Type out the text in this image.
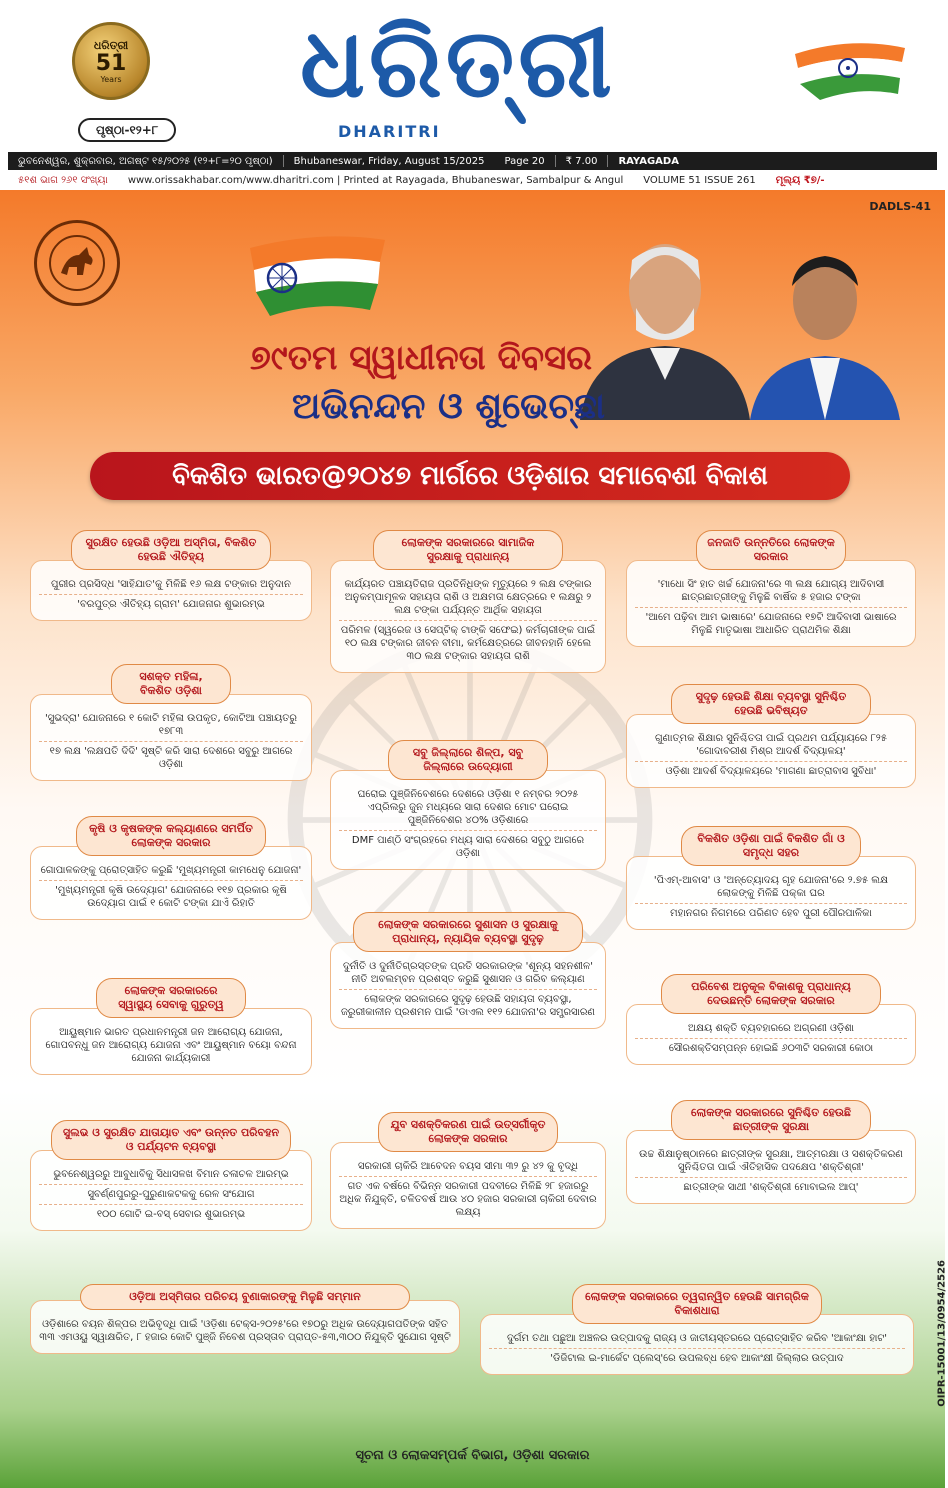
ଧରିତ୍ରୀ
51
Years
ପୃଷ୍ଠା-୧୨+୮
ଧରିତ୍ରୀ
DHARITRI
ଭୁବନେଶ୍ୱର, ଶୁକ୍ରବାର, ଅଗଷ୍ଟ ୧୫/୨୦୨୫ (୧୨+୮=୨୦ ପୃଷ୍ଠା)	Bhubaneswar, Friday, August 15/2025	Page 20	₹ 7.00	RAYAGADA
୫୧ଶ ଭାଗ ୨୬୧ ସଂଖ୍ୟା	www.orissakhabar.com/www.dharitri.com | Printed at Rayagada, Bhubaneswar, Sambalpur & Angul	VOLUME 51 ISSUE 261	ମୂଲ୍ୟ ₹୭/-
DADLS-41
୭୯ତମ ସ୍ୱାଧୀନତା ଦିବସର
ଅଭିନନ୍ଦନ ଓ ଶୁଭେଚ୍ଛା
ବିକଶିତ ଭାରତ@୨୦୪୭ ମାର୍ଗରେ ଓଡ଼ିଶାର ସମାବେଶୀ ବିକାଶ
ସୁରକ୍ଷିତ ହେଉଛି ଓଡ଼ିଆ ଅସ୍ମିତା, ବିକଶିତ ହେଉଛି ଐତିହ୍ୟ
ପୁରୀର ପ୍ରସିଦ୍ଧ 'ସାହିଯାତ'କୁ ମିଳିଛି ୧୬ ଲକ୍ଷ ଟଙ୍କାର ଅନୁଦାନ
'ବରପୁତ୍ର ଐତିହ୍ୟ ଗ୍ରାମ' ଯୋଜନାର ଶୁଭାରମ୍ଭ
ସଶକ୍ତ ମହିଳା, ବିକଶିତ ଓଡ଼ିଶା
'ସୁଭଦ୍ରା' ଯୋଜନାରେ ୧ କୋଟି ମହିଳା ଉପକୃତ, କୋଟିଆ ପଞ୍ଚାୟତରୁ ୧୭୮୩
୧୭ ଲକ୍ଷ 'ଲକ୍ଷପତି ଦିଦି' ସୃଷ୍ଟି କରି ସାରା ଦେଶରେ ସବୁରୁ ଆଗରେ ଓଡ଼ିଶା
କୃଷି ଓ କୃଷକଙ୍କ କଲ୍ୟାଣରେ ସମର୍ପିତ ଲୋକଙ୍କ ସରକାର
ଗୋପାଳକଙ୍କୁ ପ୍ରୋତ୍ସାହିତ କରୁଛି 'ମୁଖ୍ୟମନ୍ତ୍ରୀ କାମଧେନୁ ଯୋଜନା'
'ମୁଖ୍ୟମନ୍ତ୍ରୀ କୃଷି ଉଦ୍ୟୋଗ' ଯୋଜନାରେ ୧୧୭ ପ୍ରକାର କୃଷି ଉଦ୍ୟୋଗ ପାଇଁ ୧ କୋଟି ଟଙ୍କା ଯାଏଁ ରିହାତି
ଲୋକଙ୍କ ସରକାରରେ ସ୍ୱାସ୍ଥ୍ୟ ସେବାକୁ ଗୁରୁତ୍ୱ
ଆୟୁଷ୍ମାନ ଭାରତ ପ୍ରଧାନମନ୍ତ୍ରୀ ଜନ ଆରୋଗ୍ୟ ଯୋଜନା, ଗୋପବନ୍ଧୁ ଜନ ଆରୋଗ୍ୟ ଯୋଜନା ଏବଂ ଆୟୁଷ୍ମାନ ବୟୋ ବନ୍ଦନା ଯୋଜନା କାର୍ଯ୍ୟକାରୀ
ସୁଲଭ ଓ ସୁରକ୍ଷିତ ଯାତାୟାତ ଏବଂ ଉନ୍ନତ ପରିବହନ ଓ ପର୍ଯ୍ୟଟନ ବ୍ୟବସ୍ଥା
ଭୁବନେଶ୍ୱରରୁ ଆବୁଧାବିକୁ ସିଧାସଳଖ ବିମାନ ଚଳାଚଳ ଆରମ୍ଭ
ସୁବର୍ଣ୍ଣପୁରରୁ-ପୁରୁଣାକଟକକୁ ରେଳ ସଂଯୋଗ
୧୦୦ ଗୋଟି ଇ-ବସ୍ ସେବାର ଶୁଭାରମ୍ଭ
ଲୋକଙ୍କ ସରକାରରେ ସାମାଜିକ ସୁରକ୍ଷାକୁ ପ୍ରାଧାନ୍ୟ
କାର୍ଯ୍ୟରତ ପଞ୍ଚାୟତିରାଜ ପ୍ରତିନିଧିଙ୍କ ମୃତ୍ୟୁରେ ୨ ଲକ୍ଷ ଟଙ୍କାର ଅନୁକମ୍ପାମୂଳକ ସହାୟତା ରାଶି ଓ ଅକ୍ଷମତା କ୍ଷେତ୍ରରେ ୧ ଲକ୍ଷରୁ ୨ ଲକ୍ଷ ଟଙ୍କା ପର୍ଯ୍ୟନ୍ତ ଆର୍ଥିକ ସହାୟତା
ପରିମଳ (ସ୍ୱରେଜ ଓ ସେପ୍ଟିକ୍ ଟାଙ୍କି ସଫେଇ) କର୍ମଚାରୀଙ୍କ ପାଇଁ ୧୦ ଲକ୍ଷ ଟଙ୍କାର ଜୀବନ ବୀମା, କର୍ମକ୍ଷେତ୍ରରେ ଜୀବନହାନି ହେଲେ ୩୦ ଲକ୍ଷ ଟଙ୍କାର ସହାୟତା ରାଶି
ସବୁ ଜିଲ୍ଲାରେ ଶିଳ୍ପ, ସବୁ ଜିଲ୍ଲାରେ ଉଦ୍ୟୋଗୀ
ଘରୋଇ ପୁଞ୍ଜିନିବେଶରେ ଦେଶରେ ଓଡ଼ିଶା ୧ ନମ୍ବର ୨୦୨୫ ଏପ୍ରିଲରୁ ଜୁନ ମଧ୍ୟରେ ସାରା ଦେଶର ମୋଟ ଘରୋଇ ପୁଞ୍ଜିନିବେଶର ୪୦% ଓଡ଼ିଶାରେ
DMF ପାଣ୍ଠି ସଂଗ୍ରହରେ ମଧ୍ୟ ସାରା ଦେଶରେ ସବୁଠୁ ଆଗରେ ଓଡ଼ିଶା
ଲୋକଙ୍କ ସରକାରରେ ସୁଶାସନ ଓ ସୁରକ୍ଷାକୁ ପ୍ରାଧାନ୍ୟ, ନ୍ୟାୟିକ ବ୍ୟବସ୍ଥା ସୁଦୃଢ଼
ଦୁର୍ନୀତି ଓ ଦୁର୍ନୀତିଗ୍ରସ୍ତଙ୍କ ପ୍ରତି ସରକାରଙ୍କ 'ଶୂନ୍ୟ ସହନଶୀଳ' ନୀତି ଅବଲମ୍ବନ ପ୍ରଶସ୍ତ କରୁଛି ସୁଶାସନ ଓ ଗରିବ କଲ୍ୟାଣ
ଲୋକଙ୍କ ସରକାରରେ ସୁଦୃଢ଼ ହେଉଛି ସହାୟତା ବ୍ୟବସ୍ଥା, ଜରୁରୀକାଳୀନ ପ୍ରଶମନ ପାଇଁ 'ଡାଏଲ ୧୧୨ ଯୋଜନା'ର ସମ୍ପ୍ରସାରଣ
ଯୁବ ସଶକ୍ତିକରଣ ପାଇଁ ଉତ୍ସର୍ଗୀକୃତ ଲୋକଙ୍କ ସରକାର
ସରକାରୀ ଚାକିରି ଆବେଦନ ବୟସ ସୀମା ୩୨ ରୁ ୪୨ କୁ ବୃଦ୍ଧି
ଗତ ଏକ ବର୍ଷରେ ବିଭିନ୍ନ ସରକାରୀ ପଦବୀରେ ମିଳିଛି ୨୮ ହଜାରରୁ ଅଧିକ ନିଯୁକ୍ତି, ଚଳିତବର୍ଷ ଆଉ ୪୦ ହଜାର ସରକାରୀ ଚାକିରୀ ଦେବାର ଲକ୍ଷ୍ୟ
ଜନଜାତି ଉନ୍ନତିରେ ଲୋକଙ୍କ ସରକାର
'ମାଧୋ ସିଂ ହାତ ଖର୍ଚ୍ଚ ଯୋଜନା'ରେ ୩ ଲକ୍ଷ ଯୋଗ୍ୟ ଆଦିବାସୀ ଛାତ୍ରଛାତ୍ରୀଙ୍କୁ ମିଳୁଛି ବାର୍ଷିକ ୫ ହଜାର ଟଙ୍କା
'ଆମେ ପଢ଼ିବା ଆମ ଭାଷାରେ' ଯୋଜନାରେ ୧୭ଟି ଆଦିବାସୀ ଭାଷାରେ ମିଳୁଛି ମାତୃଭାଷା ଆଧାରିତ ପ୍ରାଥମିକ ଶିକ୍ଷା
ସୁଦୃଢ଼ ହେଉଛି ଶିକ୍ଷା ବ୍ୟବସ୍ଥା ସୁନିଶ୍ଚିତ ହେଉଛି ଭବିଷ୍ୟତ
ଗୁଣାତ୍ମକ ଶିକ୍ଷାର ସୁନିଶ୍ଚିତତା ପାଇଁ ପ୍ରଥମ ପର୍ଯ୍ୟାୟରେ ୮୨୫ 'ଗୋଦାବରୀଶ ମିଶ୍ର ଆଦର୍ଶ ବିଦ୍ୟାଳୟ'
ଓଡ଼ିଶା ଆଦର୍ଶ ବିଦ୍ୟାଳୟରେ 'ମାଗଣା ଛାତ୍ରାବାସ ସୁବିଧା'
ବିକଶିତ ଓଡ଼ିଶା ପାଇଁ ବିକଶିତ ଗାଁ ଓ ସମୃଦ୍ଧ ସହର
'ପିଏମ୍-ଆବାସ' ଓ 'ଅନ୍ତ୍ୟୋଦୟ ଗୃହ ଯୋଜନା'ରେ ୨.୭୫ ଲକ୍ଷ ଲୋକଙ୍କୁ ମିଳିଛି ପକ୍କା ଘର
ମହାନଗର ନିଗମରେ ପରିଣତ ହେବ ପୁରୀ ପୌରପାଳିକା
ପରିବେଶ ଅନୁକୂଳ ବିକାଶକୁ ପ୍ରାଧାନ୍ୟ ଦେଉଛନ୍ତି ଲୋକଙ୍କ ସରକାର
ଅକ୍ଷୟ ଶକ୍ତି ବ୍ୟବହାରରେ ଅଗ୍ରଣୀ ଓଡ଼ିଶା
ସୌରଶକ୍ତିସମ୍ପନ୍ନ ହୋଇଛି ୬୦୩ଟି ସରକାରୀ କୋଠା
ଲୋକଙ୍କ ସରକାରରେ ସୁନିଶ୍ଚିତ ହେଉଛି ଛାତ୍ରୀଙ୍କ ସୁରକ୍ଷା
ଉଚ୍ଚ ଶିକ୍ଷାନୁଷ୍ଠାନରେ ଛାତ୍ରୀଙ୍କ ସୁରକ୍ଷା, ଆତ୍ମରକ୍ଷା ଓ ସଶକ୍ତିକରଣ ସୁନିଶ୍ଚିତତା ପାଇଁ ଐତିହାସିକ ପଦକ୍ଷେପ 'ଶକ୍ତିଶ୍ରୀ'
ଛାତ୍ରୀଙ୍କ ସାଥୀ 'ଶକ୍ତିଶ୍ରୀ ମୋବାଇଲ ଆପ୍'
ଓଡ଼ିଆ ଅସ୍ମିତାର ପରିଚୟ ବୁଣାକାରଙ୍କୁ ମିଳୁଛି ସମ୍ମାନ
ଓଡ଼ିଶାରେ ବୟନ ଶିଳ୍ପର ଅଭିବୃଦ୍ଧି ପାଇଁ 'ଓଡ଼ିଶା ଟେକ୍ସ-୨୦୨୫'ରେ ୧୭୦ରୁ ଅଧିକ ଉଦ୍ୟୋଗପତିଙ୍କ ସହିତ ୩୩ ଏମଓୟୁ ସ୍ୱାକ୍ଷରିତ, ୮ ହଜାର କୋଟି ପୁଞ୍ଜି ନିବେଶ ପ୍ରସ୍ତାବ ପ୍ରାପ୍ତ-୫୩,୩୦୦ ନିଯୁକ୍ତି ସୁଯୋଗ ସୃଷ୍ଟି
ଲୋକଙ୍କ ସରକାରରେ ତ୍ୱରାନ୍ୱିତ ହେଉଛି ସାମଗ୍ରିକ ବିକାଶଧାରା
ଦୁର୍ଗମ ତଥା ପଛୁଆ ଅଞ୍ଚଳର ଉତ୍ପାଦକୁ ରାଜ୍ୟ ଓ ଜାତୀୟସ୍ତରରେ ପ୍ରୋତ୍ସାହିତ କରିବ 'ଆକାଂକ୍ଷା ହାଟ'
'ଡିଜିଟାଲ ଇ-ମାର୍କେଟ ପ୍ଲେସ୍'ରେ ଉପଲବ୍ଧ ହେବ ଆକାଂକ୍ଷୀ ଜିଲ୍ଲାର ଉତ୍ପାଦ	OIPR-15001/13/0954/2526
ସୂଚନା ଓ ଲୋକସମ୍ପର୍କ ବିଭାଗ, ଓଡ଼ିଶା ସରକାର
